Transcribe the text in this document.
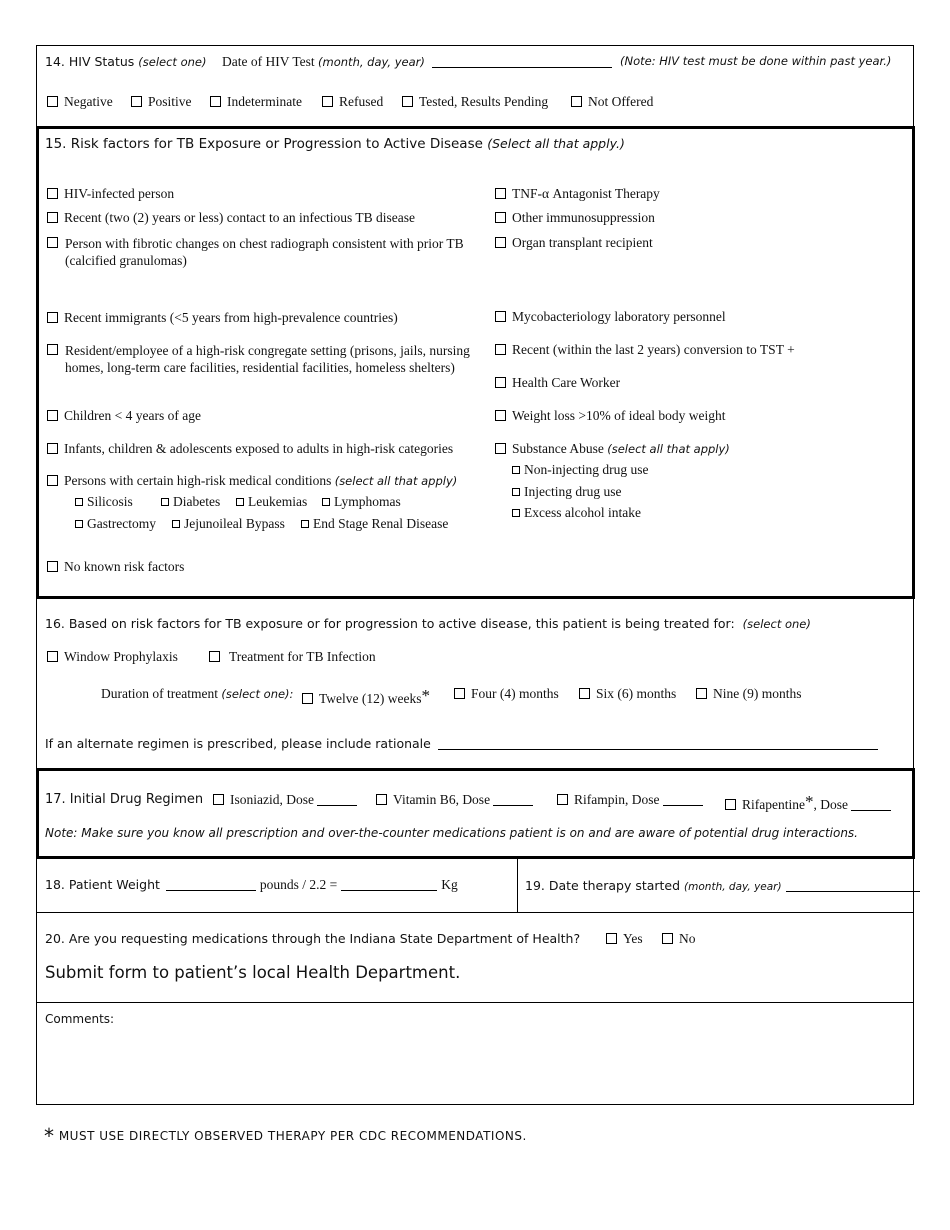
14. HIV Status (select one) Date of HIV Test (month, day, year)	(Note: HIV test must be done within past year.)
Negative	Positive	Indeterminate	Refused	Tested, Results Pending	Not Offered
15. Risk factors for TB Exposure or Progression to Active Disease (Select all that apply.)
HIV-infected person
Recent (two (2) years or less) contact to an infectious TB disease
Person with fibrotic changes on chest radiograph consistent with prior TB (calcified granulomas)
Recent immigrants (<5 years from high-prevalence countries)
Resident/employee of a high-risk congregate setting (prisons, jails, nursing homes, long-term care facilities, residential facilities, homeless shelters)
Children < 4 years of age
Infants, children & adolescents exposed to adults in high-risk categories
Persons with certain high-risk medical conditions (select all that apply)
Silicosis	Diabetes	Leukemias	Lymphomas
Gastrectomy	Jejunoileal Bypass	End Stage Renal Disease
No known risk factors
TNF-α Antagonist Therapy
Other immunosuppression
Organ transplant recipient
Mycobacteriology laboratory personnel
Recent (within the last 2 years) conversion to TST +
Health Care Worker
Weight loss >10% of ideal body weight
Substance Abuse (select all that apply)
Non-injecting drug use
Injecting drug use
Excess alcohol intake
16. Based on risk factors for TB exposure or for progression to active disease, this patient is being treated for: (select one)
Window Prophylaxis	Treatment for TB Infection
Duration of treatment (select one):	Twelve (12) weeks*	Four (4) months	Six (6) months	Nine (9) months
If an alternate regimen is prescribed, please include rationale
17. Initial Drug Regimen	Isoniazid, Dose	Vitamin B6, Dose	Rifampin, Dose	Rifapentine*, Dose
Note: Make sure you know all prescription and over-the-counter medications patient is on and are aware of potential drug interactions.
18. Patient Weight	pounds / 2.2 =	Kg	19. Date therapy started (month, day, year)
20. Are you requesting medications through the Indiana State Department of Health?	Yes	No
Submit form to patient’s local Health Department.
Comments:
* MUST USE DIRECTLY OBSERVED THERAPY PER CDC RECOMMENDATIONS.
